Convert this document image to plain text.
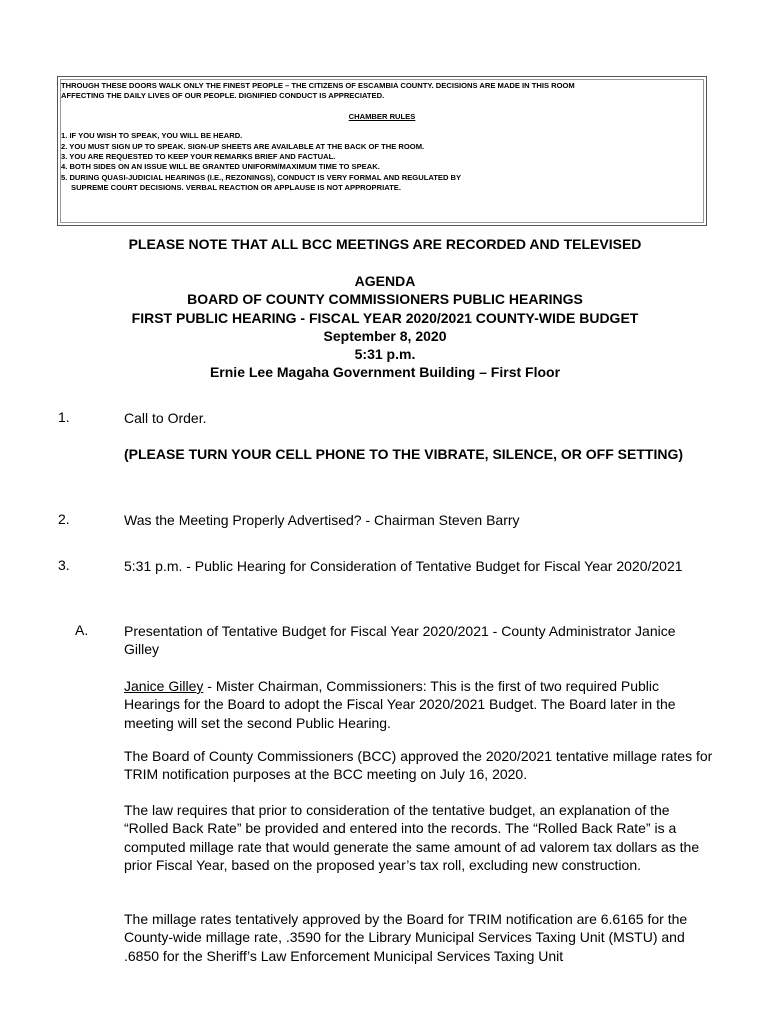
THROUGH THESE DOORS WALK ONLY THE FINEST PEOPLE – THE CITIZENS OF ESCAMBIA COUNTY. DECISIONS ARE MADE IN THIS ROOM

AFFECTING THE DAILY LIVES OF OUR PEOPLE. DIGNIFIED CONDUCT IS APPRECIATED.

CHAMBER RULES

1. IF YOU WISH TO SPEAK, YOU WILL BE HEARD.

2. YOU MUST SIGN UP TO SPEAK. SIGN-UP SHEETS ARE AVAILABLE AT THE BACK OF THE ROOM.

3. YOU ARE REQUESTED TO KEEP YOUR REMARKS BRIEF AND FACTUAL.

4. BOTH SIDES ON AN ISSUE WILL BE GRANTED UNIFORM/MAXIMUM TIME TO SPEAK.

5. DURING QUASI-JUDICIAL HEARINGS (I.E., REZONINGS), CONDUCT IS VERY FORMAL AND REGULATED BY SUPREME COURT DECISIONS. VERBAL REACTION OR APPLAUSE IS NOT APPROPRIATE.

PLEASE NOTE THAT ALL BCC MEETINGS ARE RECORDED AND TELEVISED
AGENDA
BOARD OF COUNTY COMMISSIONERS PUBLIC HEARINGS
FIRST PUBLIC HEARING - FISCAL YEAR 2020/2021 COUNTY-WIDE BUDGET
September 8, 2020
5:31 p.m.
Ernie Lee Magaha Government Building – First Floor
1.	Call to Order.
(PLEASE TURN YOUR CELL PHONE TO THE VIBRATE, SILENCE, OR OFF SETTING)
2.	Was the Meeting Properly Advertised? - Chairman Steven Barry
3.	5:31 p.m. - Public Hearing for Consideration of Tentative Budget for Fiscal Year 2020/2021
A.	Presentation of Tentative Budget for Fiscal Year 2020/2021 - County Administrator Janice Gilley
Janice Gilley - Mister Chairman, Commissioners: This is the first of two required Public Hearings for the Board to adopt the Fiscal Year 2020/2021 Budget. The Board later in the meeting will set the second Public Hearing.
The Board of County Commissioners (BCC) approved the 2020/2021 tentative millage rates for TRIM notification purposes at the BCC meeting on July 16, 2020.
The law requires that prior to consideration of the tentative budget, an explanation of the “Rolled Back Rate” be provided and entered into the records. The “Rolled Back Rate” is a computed millage rate that would generate the same amount of ad valorem tax dollars as the prior Fiscal Year, based on the proposed year’s tax roll, excluding new construction.
The millage rates tentatively approved by the Board for TRIM notification are 6.6165 for the County-wide millage rate, .3590 for the Library Municipal Services Taxing Unit (MSTU) and .6850 for the Sheriff’s Law Enforcement Municipal Services Taxing Unit
